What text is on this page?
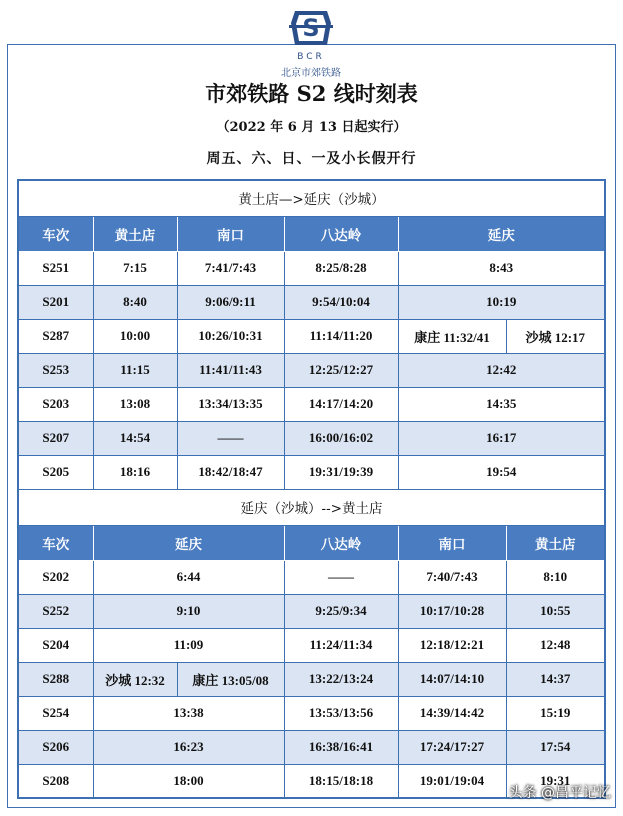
BCR
北京市郊铁路
市郊铁路 S2 线时刻表
（2022 年 6 月 13 日起实行）
周五、六、日、一及小长假开行
黄土店—>延庆（沙城）					
车次	黄土店	南口	八达岭	延庆	
S251	7:15	7:41/7:43	8:25/8:28	8:43	
S201	8:40	9:06/9:11	9:54/10:04	10:19	
S287	10:00	10:26/10:31	11:14/11:20	康庄 11:32/41	沙城 12:17
S253	11:15	11:41/11:43	12:25/12:27	12:42	
S203	13:08	13:34/13:35	14:17/14:20	14:35	
S207	14:54	——	16:00/16:02	16:17	
S205	18:16	18:42/18:47	19:31/19:39	19:54	
延庆（沙城）-->黄土店					
车次	延庆		八达岭	南口	黄土店
S202	6:44		——	7:40/7:43	8:10
S252	9:10		9:25/9:34	10:17/10:28	10:55
S204	11:09		11:24/11:34	12:18/12:21	12:48
S288	沙城 12:32	康庄 13:05/08	13:22/13:24	14:07/14:10	14:37
S254	13:38		13:53/13:56	14:39/14:42	15:19
S206	16:23		16:38/16:41	17:24/17:27	17:54
S208	18:00		18:15/18:18	19:01/19:04	19:31
头条 @昌平记忆
